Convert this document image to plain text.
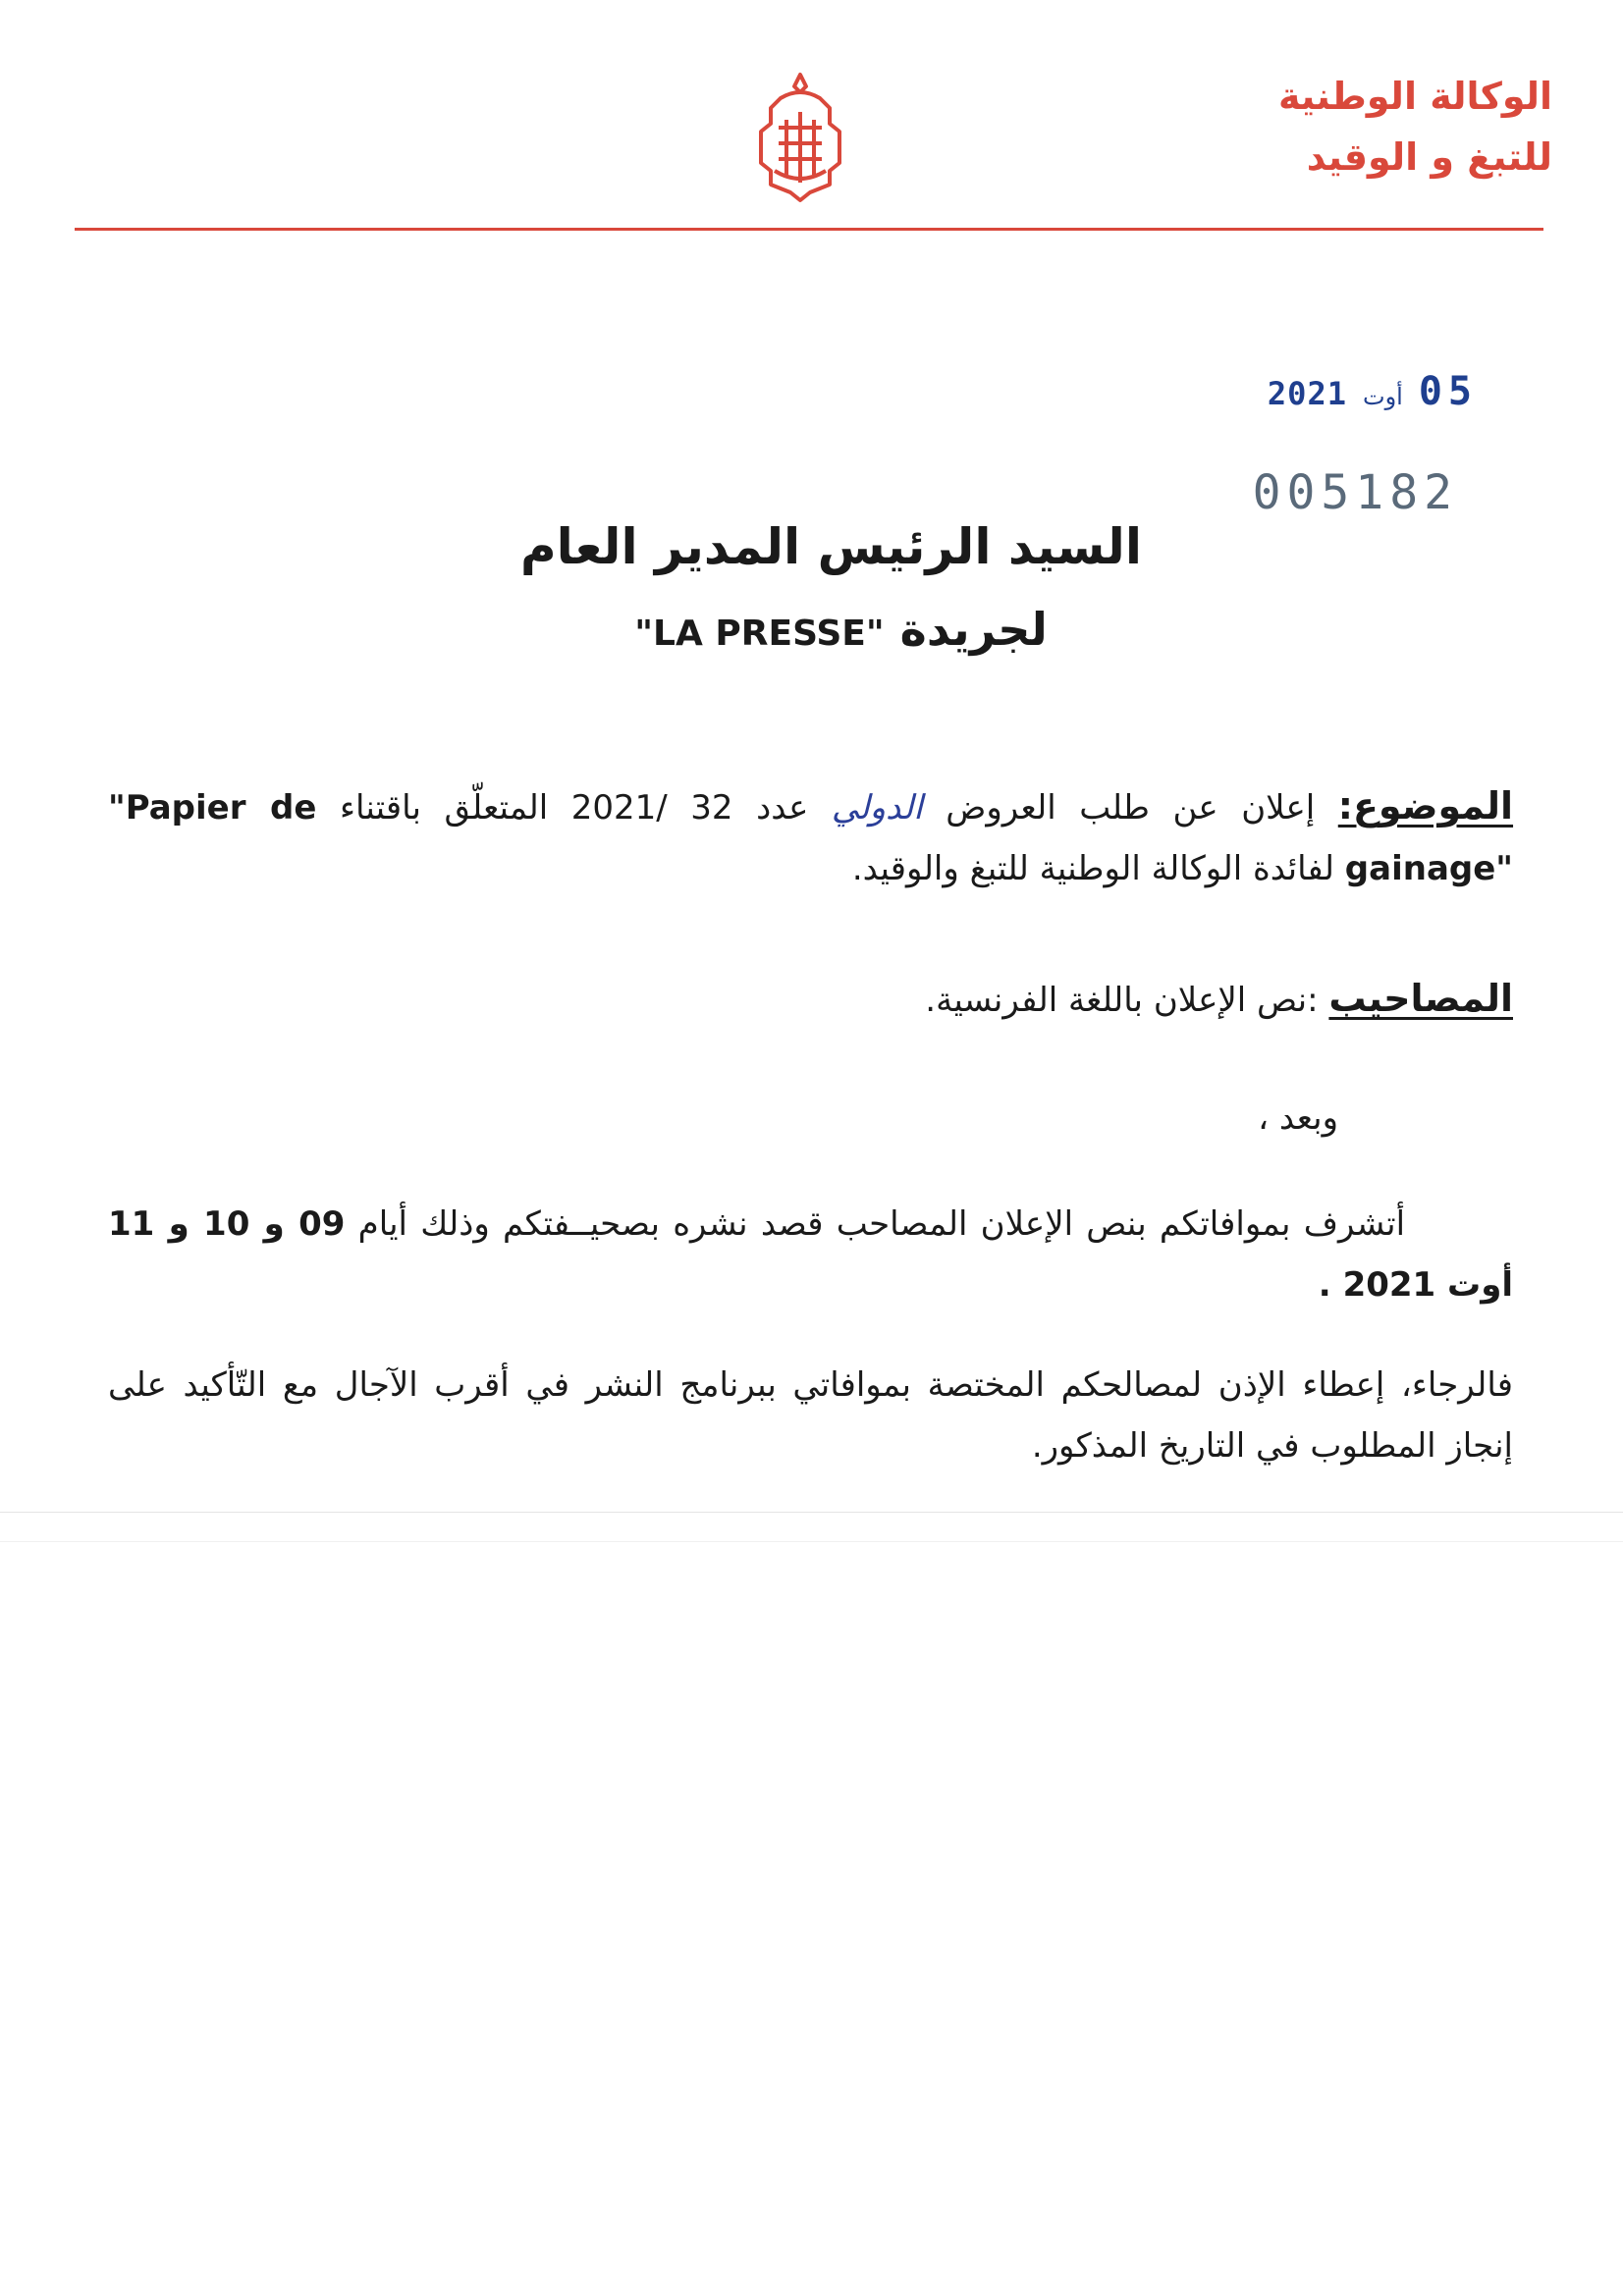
الوكالة الوطنية
للتبغ و الوقيد
2021 أوت 05
005182
السيد الرئيس المدير العام
لجريدة "LA PRESSE"
الموضوع: إعلان عن طلب العروض الدولي عدد 32 /2021 المتعلّق باقتناء "Papier de gainage" لفائدة الوكالة الوطنية للتبغ والوقيد.
المصاحيب :نص الإعلان باللغة الفرنسية.
وبعد ،
أتشرف بموافاتكم بنص الإعلان المصاحب قصد نشره بصحيــفتكم وذلك أيام 09 و 10 و 11 أوت 2021 .
فالرجاء، إعطاء الإذن لمصالحكم المختصة بموافاتي ببرنامج النشر في أقرب الآجال مع التّأكيد على إنجاز المطلوب في التاريخ المذكور.
